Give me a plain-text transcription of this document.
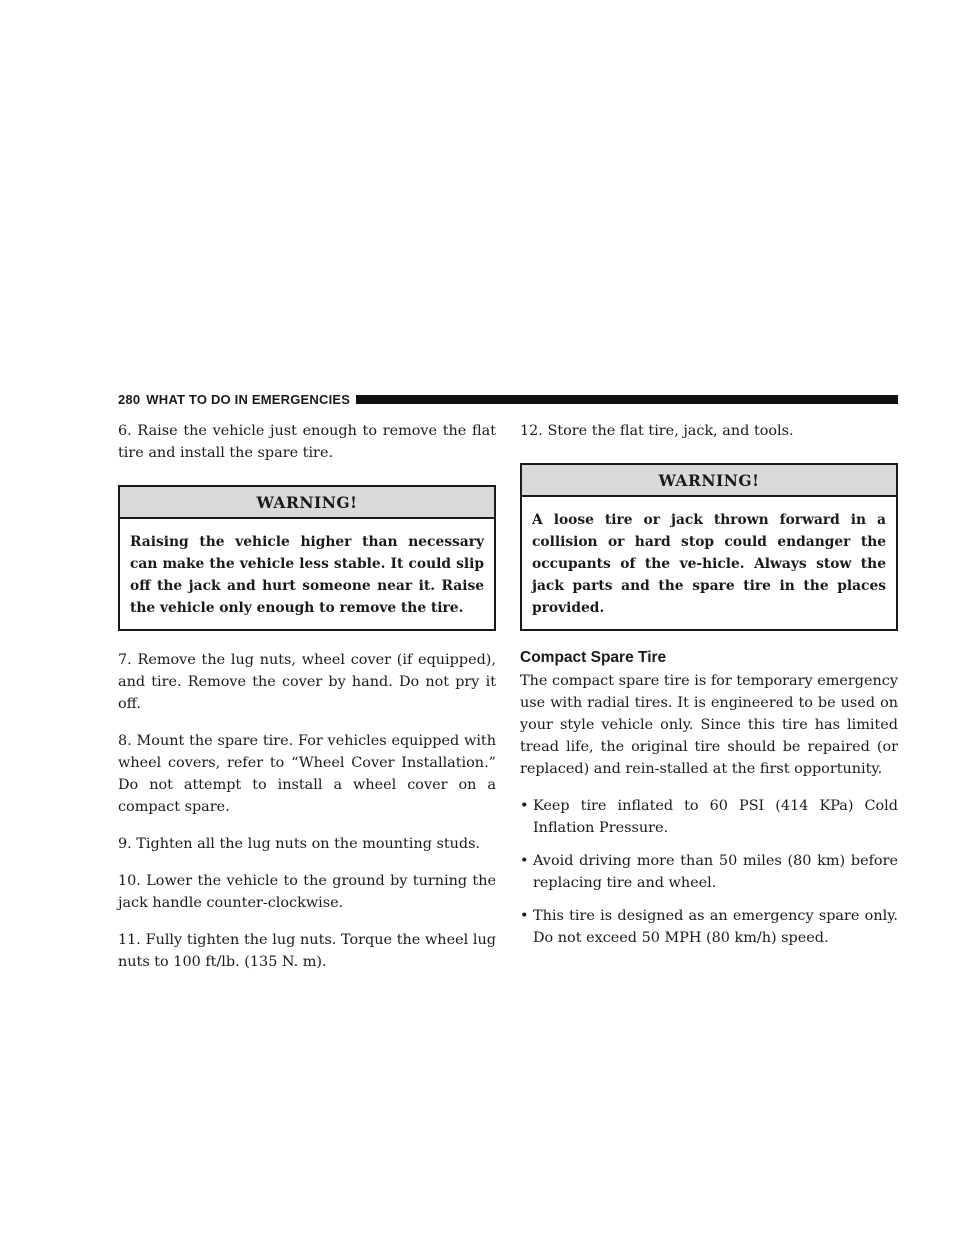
280 WHAT TO DO IN EMERGENCIES

6. Raise the vehicle just enough to remove the flat tire and install the spare tire.

WARNING!
Raising the vehicle higher than necessary can make the vehicle less stable. It could slip off the jack and hurt someone near it. Raise the vehicle only enough to remove the tire.

7. Remove the lug nuts, wheel cover (if equipped), and tire. Remove the cover by hand. Do not pry it off.

8. Mount the spare tire. For vehicles equipped with wheel covers, refer to “Wheel Cover Installation.” Do not attempt to install a wheel cover on a compact spare.

9. Tighten all the lug nuts on the mounting studs.

10. Lower the vehicle to the ground by turning the jack handle counter-clockwise.

11. Fully tighten the lug nuts. Torque the wheel lug nuts to 100 ft/lb. (135 N. m).

12. Store the flat tire, jack, and tools.

WARNING!
A loose tire or jack thrown forward in a collision or hard stop could endanger the occupants of the ve-hicle. Always stow the jack parts and the spare tire in the places provided.
Compact Spare Tire

The compact spare tire is for temporary emergency use with radial tires. It is engineered to be used on your style vehicle only. Since this tire has limited tread life, the original tire should be repaired (or replaced) and rein-stalled at the first opportunity.

• Keep tire inflated to 60 PSI (414 KPa) Cold Inflation Pressure.
• Avoid driving more than 50 miles (80 km) before replacing tire and wheel.
• This tire is designed as an emergency spare only. Do not exceed 50 MPH (80 km/h) speed.
